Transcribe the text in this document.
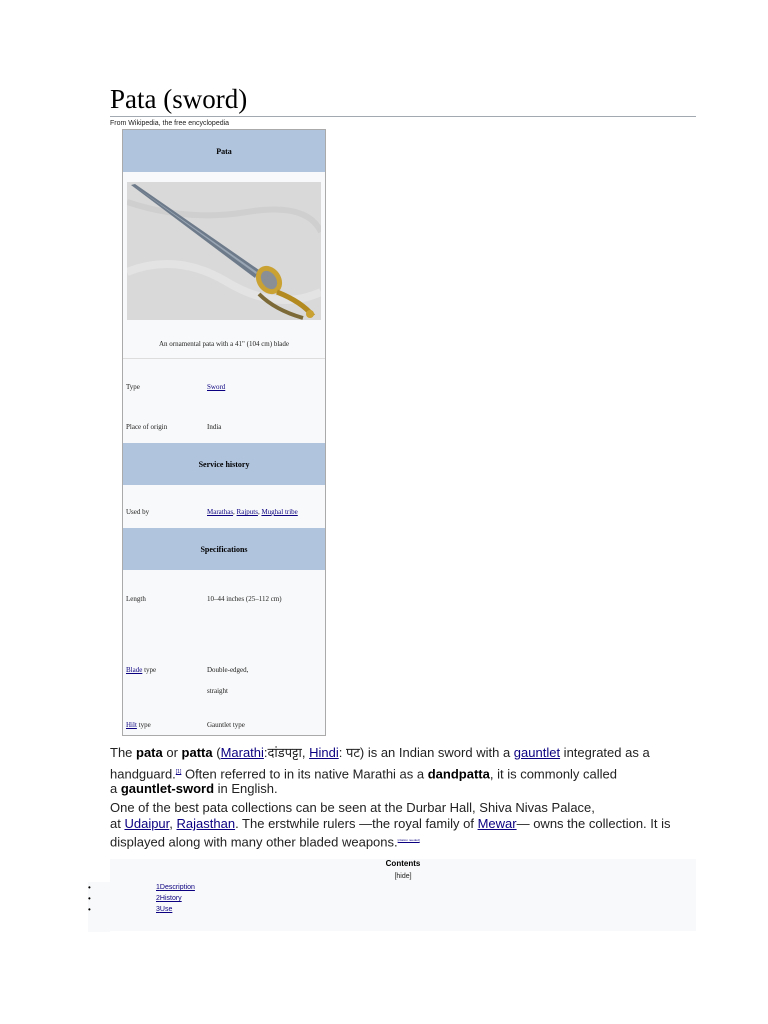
Pata (sword)
From Wikipedia, the free encyclopedia
Pata
An ornamental pata with a 41" (104 cm) blade
Type	Sword
Place of origin	India
Service history
Used by	Marathas, Rajputs, Mughal tribe
Specifications
Length	10–44 inches (25–112 cm)
Blade type	Double-edged,
straight
Hilt type	Gauntlet type
The pata or patta (Marathi:दांडपट्टा, Hindi: पट) is an Indian sword with a gauntlet integrated as a
handguard.[1] Often referred to in its native Marathi as a dandpatta, it is commonly called
a gauntlet-sword in English.
One of the best pata collections can be seen at the Durbar Hall, Shiva Nivas Palace,
at Udaipur, Rajasthan. The erstwhile rulers —the royal family of Mewar— owns the collection. It is
displayed along with many other bladed weapons.[citation needed]
Contents
[hide]
•	1Description
•	2History
•	3Use
